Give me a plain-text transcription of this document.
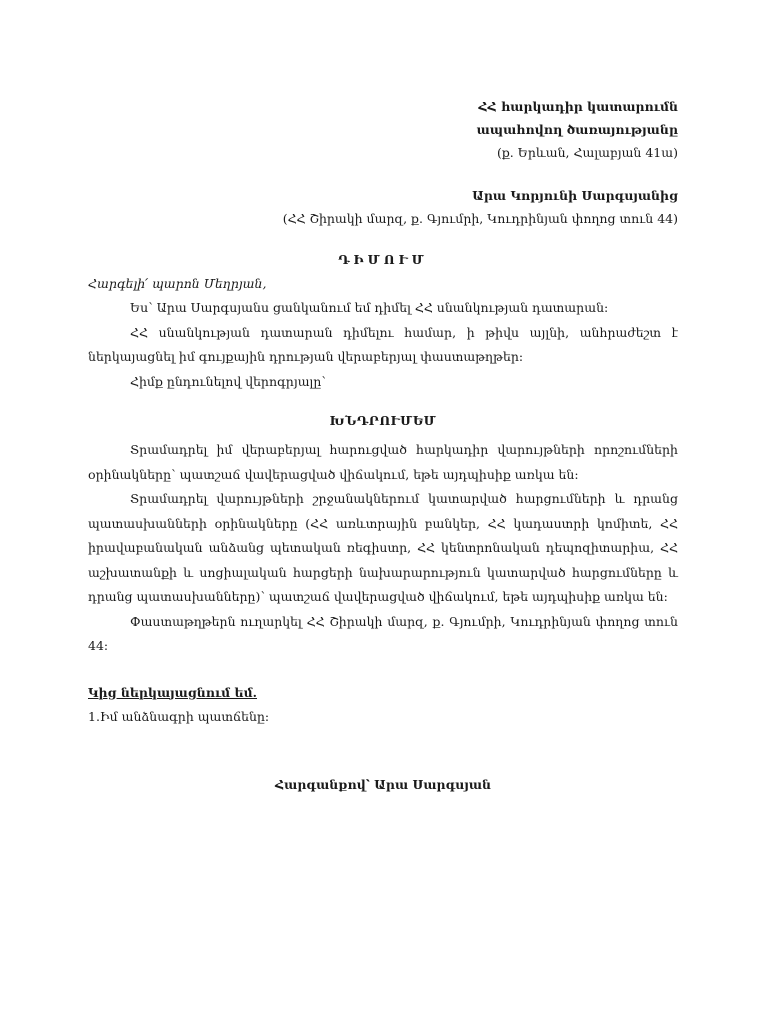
ՀՀ հարկադիր կատարումն
ապահովող ծառայությանը
(ք. Երևան, Հալաբյան 41ա)
Արա Կորյունի Սարգսյանից
(ՀՀ Շիրակի մարզ, ք. Գյումրի, Կուդրինյան փողոց տուն 44)
ԴԻՄՈՒՄ
Հարգելի՛ պարոն Մեղրյան,

Ես՝ Արա Սարգսյանս ցանկանում եմ դիմել ՀՀ սնանկության դատարան:

ՀՀ սնանկության դատարան դիմելու համար, ի թիվս այլնի, անհրաժեշտ է ներկայացնել իմ գույքային դրության վերաբերյալ փաստաթղթեր:

Հիմք ընդունելով վերոգրյալը՝

ԽՆԴՐՈՒՄԵՄ

Տրամադրել իմ վերաբերյալ հարուցված հարկադիր վարույթների որոշումների օրինակները՝ պատշաճ վավերացված վիճակում, եթե այդպիսիք առկա են:

Տրամադրել վարույթների շրջանակներում կատարված հարցումների և դրանց պատասխանների օրինակները (ՀՀ առևտրային բանկեր, ՀՀ կադաստրի կոմիտե, ՀՀ իրավաբանական անձանց պետական ռեգիստր, ՀՀ կենտրոնական դեպոզիտարիա, ՀՀ աշխատանքի և սոցիալական հարցերի նախարարություն կատարված հարցումները և դրանց պատասխանները)՝ պատշաճ վավերացված վիճակում, եթե այդպիսիք առկա են:

Փաստաթղթերն ուղարկել ՀՀ Շիրակի մարզ, ք. Գյումրի, Կուդրինյան փողոց տուն 44:

Կից ներկայացնում եմ.
1.Իմ անձնագրի պատճենը:
Հարգանքով՝ Արա Սարգսյան
